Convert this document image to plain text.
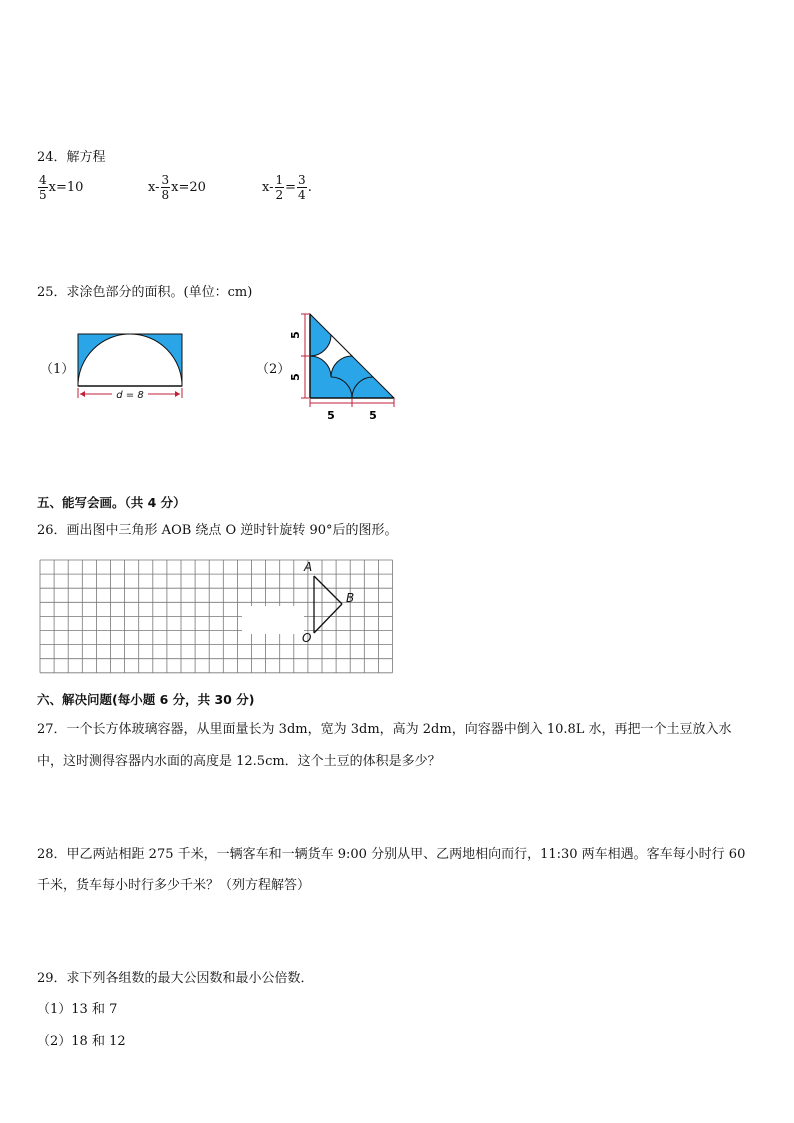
24．解方程
$\frac{4}{5} x=10$	$x- \frac{3}{8} x=20$	$x- \frac{1}{2} = \frac{3}{4}$ .
25．求涂色部分的面积。(单位：cm)
（1）
d = 8
（2）
5
5
5	5
五、能写会画。（共 4 分）
26．画出图中三角形 AOB 绕点 O 逆时针旋转 90°后的图形。
A
B
O
六、解决问题(每小题 6 分，共 30 分)
27．一个长方体玻璃容器，从里面量长为 3dm，宽为 3dm，高为 2dm，向容器中倒入 10.8L 水，再把一个土豆放入水
中，这时测得容器内水面的高度是 12.5cm．这个土豆的体积是多少？
28．甲乙两站相距 275 千米，一辆客车和一辆货车 9:00 分别从甲、乙两地相向而行，11:30 两车相遇。客车每小时行 60
千米，货车每小时行多少千米？（列方程解答）
29．求下列各组数的最大公因数和最小公倍数．
（1）13 和 7
（2）18 和 12
